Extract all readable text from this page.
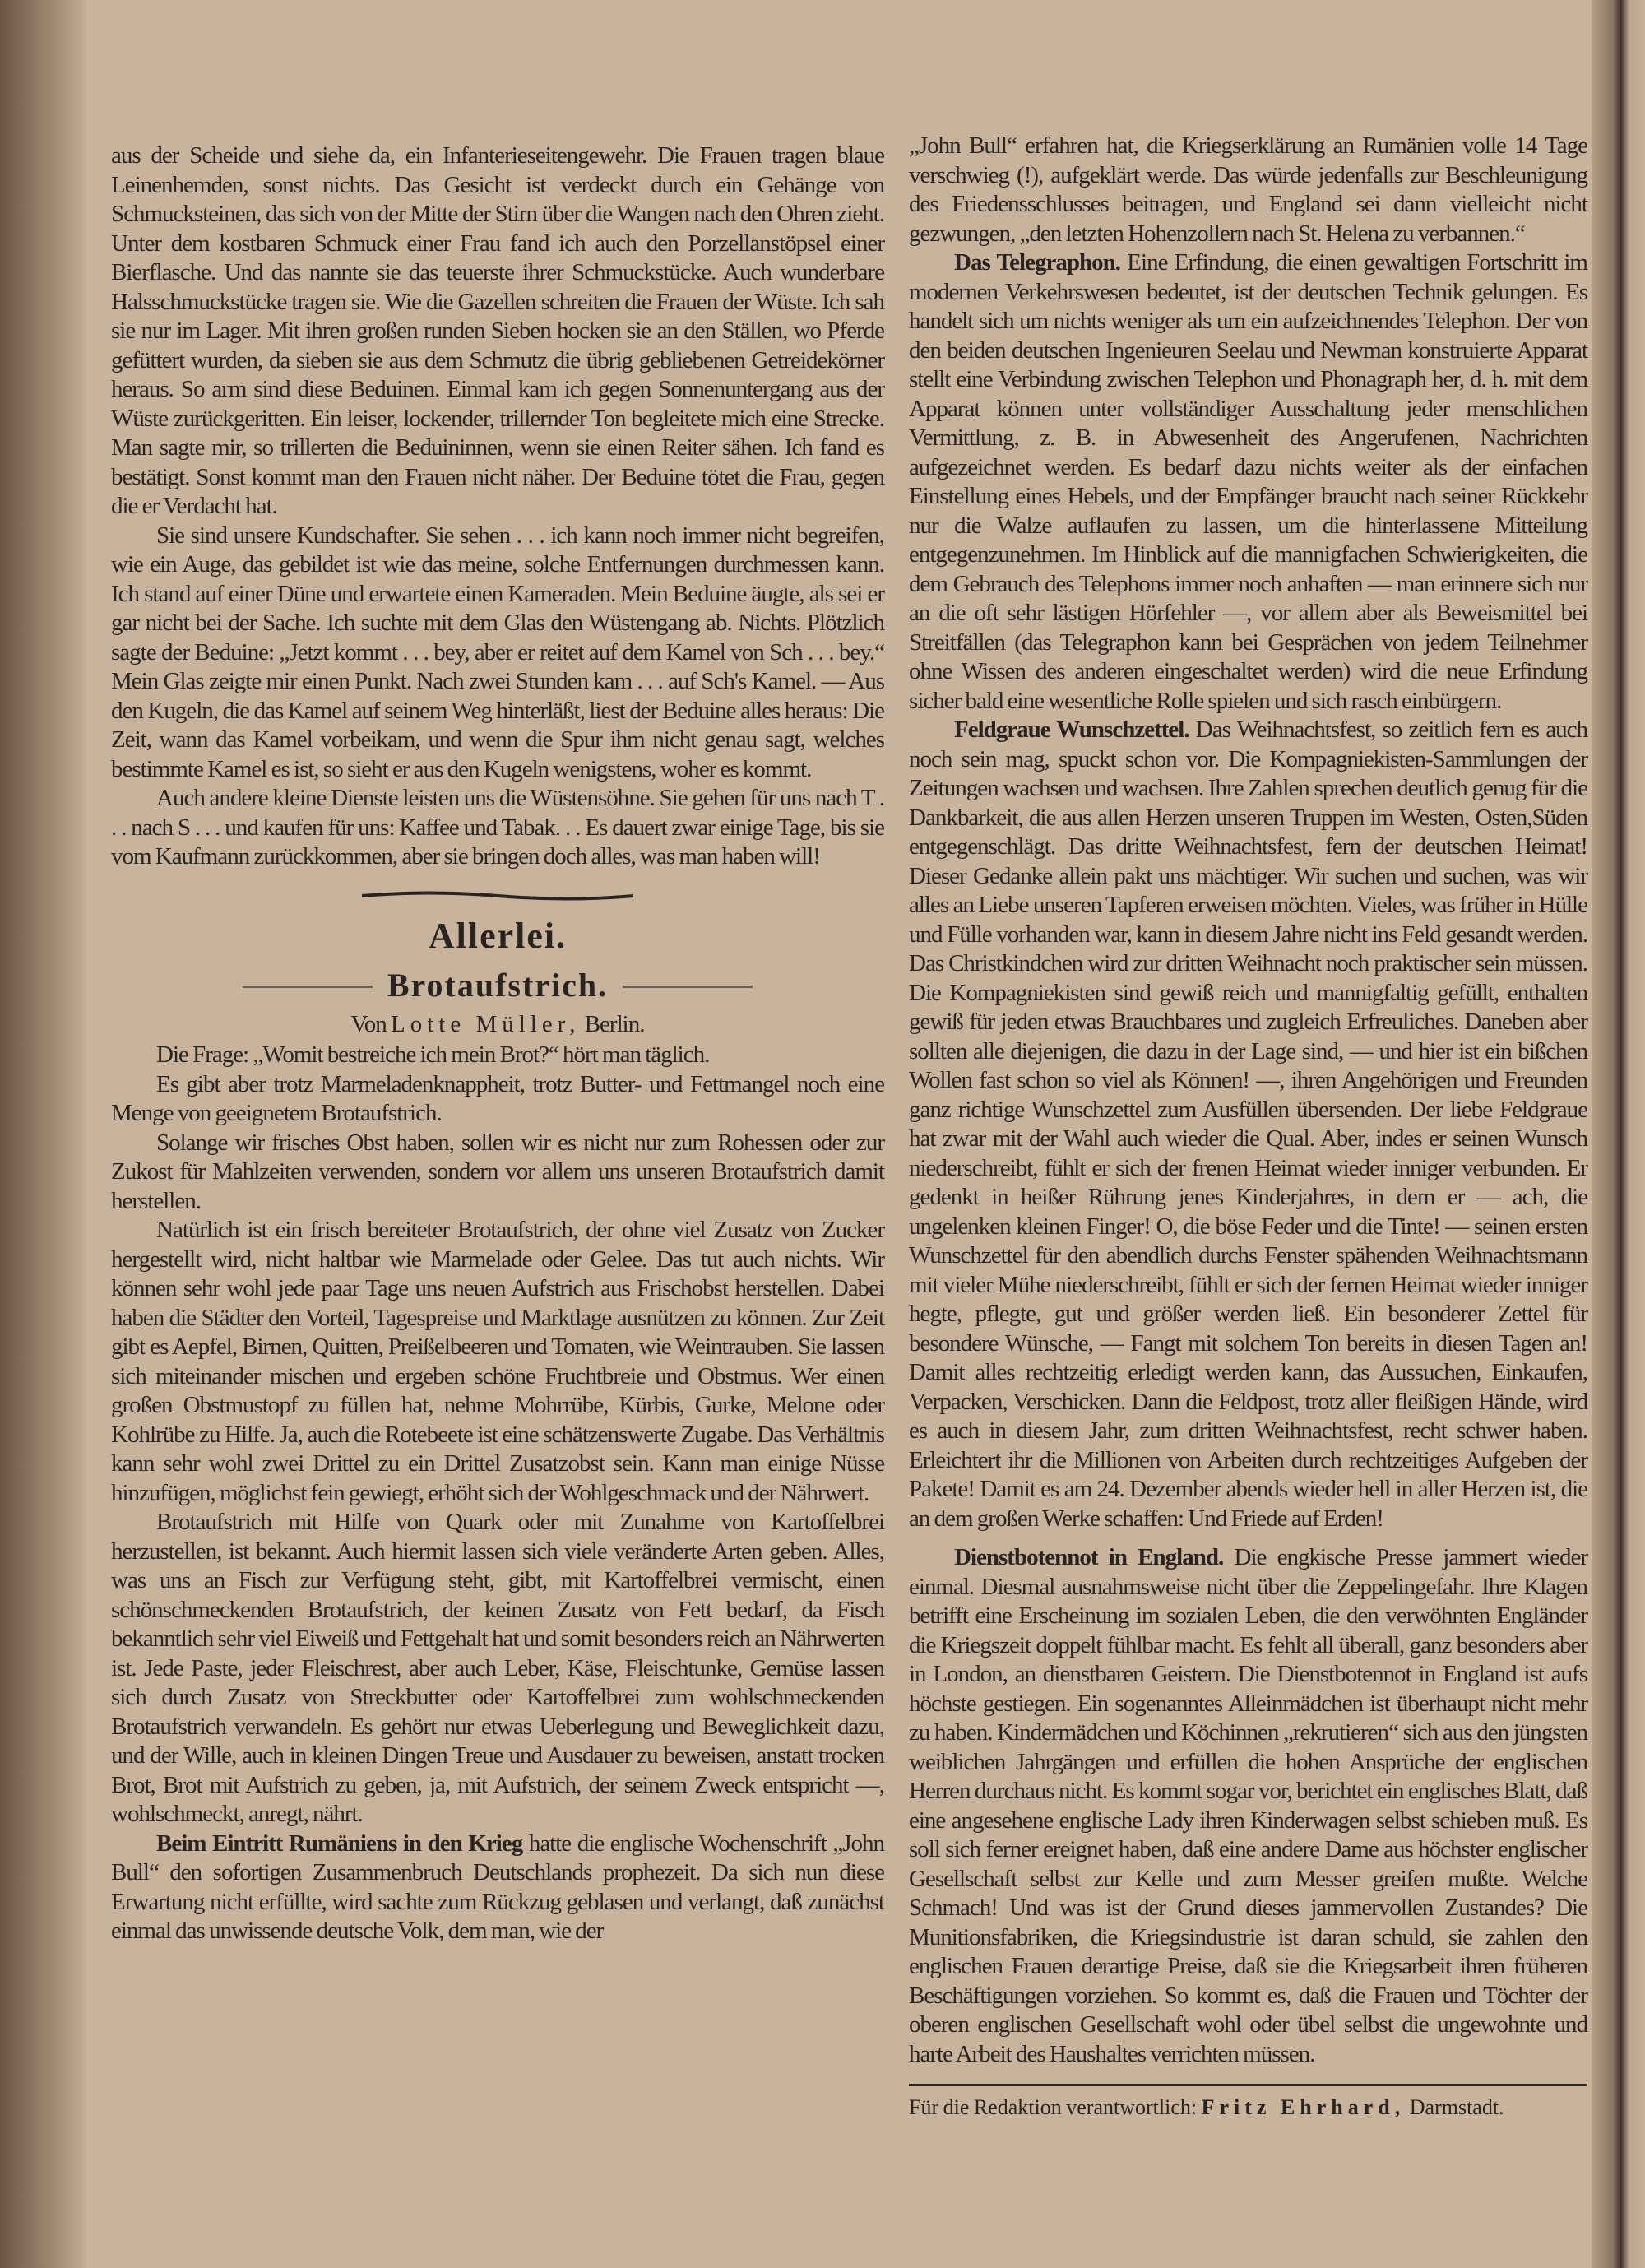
aus der Scheide und siehe da, ein Infanterieseitengewehr. Die Frauen tragen blaue Leinenhemden, sonst nichts. Das Gesicht ist verdeckt durch ein Gehänge von Schmucksteinen, das sich von der Mitte der Stirn über die Wangen nach den Ohren zieht. Unter dem kostbaren Schmuck einer Frau fand ich auch den Porzellanstöpsel einer Bierflasche. Und das nannte sie das teuerste ihrer Schmuckstücke. Auch wunderbare Halsschmuckstücke tragen sie. Wie die Gazellen schreiten die Frauen der Wüste. Ich sah sie nur im Lager. Mit ihren großen runden Sieben hocken sie an den Ställen, wo Pferde gefüttert wurden, da sieben sie aus dem Schmutz die übrig gebliebenen Getreidekörner heraus. So arm sind diese Beduinen. Einmal kam ich gegen Sonnenuntergang aus der Wüste zurückgeritten. Ein leiser, lockender, trillernder Ton begleitete mich eine Strecke. Man sagte mir, so trillerten die Beduininnen, wenn sie einen Reiter sähen. Ich fand es bestätigt. Sonst kommt man den Frauen nicht näher. Der Beduine tötet die Frau, gegen die er Verdacht hat.

Sie sind unsere Kundschafter. Sie sehen . . . ich kann noch immer nicht begreifen, wie ein Auge, das gebildet ist wie das meine, solche Entfernungen durchmessen kann. Ich stand auf einer Düne und erwartete einen Kameraden. Mein Beduine äugte, als sei er gar nicht bei der Sache. Ich suchte mit dem Glas den Wüstengang ab. Nichts. Plötzlich sagte der Beduine: „Jetzt kommt . . . bey, aber er reitet auf dem Kamel von Sch . . . bey.“ Mein Glas zeigte mir einen Punkt. Nach zwei Stunden kam . . . auf Sch's Kamel. — Aus den Kugeln, die das Kamel auf seinem Weg hinterläßt, liest der Beduine alles heraus: Die Zeit, wann das Kamel vorbeikam, und wenn die Spur ihm nicht genau sagt, welches bestimmte Kamel es ist, so sieht er aus den Kugeln wenigstens, woher es kommt.

Auch andere kleine Dienste leisten uns die Wüstensöhne. Sie gehen für uns nach T . . . nach S . . . und kaufen für uns: Kaffee und Tabak. . . Es dauert zwar einige Tage, bis sie vom Kaufmann zurückkommen, aber sie bringen doch alles, was man haben will!

Allerlei.
Brotaufstrich.
Von Lotte Müller, Berlin.

Die Frage: „Womit bestreiche ich mein Brot?“ hört man täglich.

Es gibt aber trotz Marmeladenknappheit, trotz Butter- und Fettmangel noch eine Menge von geeignetem Brotaufstrich.

Solange wir frisches Obst haben, sollen wir es nicht nur zum Rohessen oder zur Zukost für Mahlzeiten verwenden, sondern vor allem uns unseren Brotaufstrich damit herstellen.

Natürlich ist ein frisch bereiteter Brotaufstrich, der ohne viel Zusatz von Zucker hergestellt wird, nicht haltbar wie Marmelade oder Gelee. Das tut auch nichts. Wir können sehr wohl jede paar Tage uns neuen Aufstrich aus Frischobst herstellen. Dabei haben die Städter den Vorteil, Tagespreise und Marktlage ausnützen zu können. Zur Zeit gibt es Aepfel, Birnen, Quitten, Preißelbeeren und Tomaten, wie Weintrauben. Sie lassen sich miteinander mischen und ergeben schöne Fruchtbreie und Obstmus. Wer einen großen Obstmustopf zu füllen hat, nehme Mohrrübe, Kürbis, Gurke, Melone oder Kohlrübe zu Hilfe. Ja, auch die Rotebeete ist eine schätzenswerte Zugabe. Das Verhältnis kann sehr wohl zwei Drittel zu ein Drittel Zusatzobst sein. Kann man einige Nüsse hinzufügen, möglichst fein gewiegt, erhöht sich der Wohlgeschmack und der Nährwert.

Brotaufstrich mit Hilfe von Quark oder mit Zunahme von Kartoffelbrei herzustellen, ist bekannt. Auch hiermit lassen sich viele veränderte Arten geben. Alles, was uns an Fisch zur Verfügung steht, gibt, mit Kartoffelbrei vermischt, einen schönschmeckenden Brotaufstrich, der keinen Zusatz von Fett bedarf, da Fisch bekanntlich sehr viel Eiweiß und Fettgehalt hat und somit besonders reich an Nährwerten ist. Jede Paste, jeder Fleischrest, aber auch Leber, Käse, Fleischtunke, Gemüse lassen sich durch Zusatz von Streckbutter oder Kartoffelbrei zum wohlschmeckenden Brotaufstrich verwandeln. Es gehört nur etwas Ueberlegung und Beweglichkeit dazu, und der Wille, auch in kleinen Dingen Treue und Ausdauer zu beweisen, anstatt trocken Brot, Brot mit Aufstrich zu geben, ja, mit Aufstrich, der seinem Zweck entspricht —, wohlschmeckt, anregt, nährt.

Beim Eintritt Rumäniens in den Krieg hatte die englische Wochenschrift „John Bull“ den sofortigen Zusammenbruch Deutschlands prophezeit. Da sich nun diese Erwartung nicht erfüllte, wird sachte zum Rückzug geblasen und verlangt, daß zunächst einmal das unwissende deutsche Volk, dem man, wie der

„John Bull“ erfahren hat, die Kriegserklärung an Rumänien volle 14 Tage verschwieg (!), aufgeklärt werde. Das würde jedenfalls zur Beschleunigung des Friedensschlusses beitragen, und England sei dann vielleicht nicht gezwungen, „den letzten Hohenzollern nach St. Helena zu verbannen.“

Das Telegraphon. Eine Erfindung, die einen gewaltigen Fortschritt im modernen Verkehrswesen bedeutet, ist der deutschen Technik gelungen. Es handelt sich um nichts weniger als um ein aufzeichnendes Telephon. Der von den beiden deutschen Ingenieuren Seelau und Newman konstruierte Apparat stellt eine Verbindung zwischen Telephon und Phonagraph her, d. h. mit dem Apparat können unter vollständiger Ausschaltung jeder menschlichen Vermittlung, z. B. in Abwesenheit des Angerufenen, Nachrichten aufgezeichnet werden. Es bedarf dazu nichts weiter als der einfachen Einstellung eines Hebels, und der Empfänger braucht nach seiner Rückkehr nur die Walze auflaufen zu lassen, um die hinterlassene Mitteilung entgegenzunehmen. Im Hinblick auf die mannigfachen Schwierigkeiten, die dem Gebrauch des Telephons immer noch anhaften — man erinnere sich nur an die oft sehr lästigen Hörfehler —, vor allem aber als Beweismittel bei Streitfällen (das Telegraphon kann bei Gesprächen von jedem Teilnehmer ohne Wissen des anderen eingeschaltet werden) wird die neue Erfindung sicher bald eine wesentliche Rolle spielen und sich rasch einbürgern.

Feldgraue Wunschzettel. Das Weihnachtsfest, so zeitlich fern es auch noch sein mag, spuckt schon vor. Die Kompagniekisten-Sammlungen der Zeitungen wachsen und wachsen. Ihre Zahlen sprechen deutlich genug für die Dankbarkeit, die aus allen Herzen unseren Truppen im Westen, Osten,Süden entgegenschlägt. Das dritte Weihnachtsfest, fern der deutschen Heimat! Dieser Gedanke allein pakt uns mächtiger. Wir suchen und suchen, was wir alles an Liebe unseren Tapferen erweisen möchten. Vieles, was früher in Hülle und Fülle vorhanden war, kann in diesem Jahre nicht ins Feld gesandt werden. Das Christkindchen wird zur dritten Weihnacht noch praktischer sein müssen. Die Kompagniekisten sind gewiß reich und mannigfaltig gefüllt, enthalten gewiß für jeden etwas Brauchbares und zugleich Erfreuliches. Daneben aber sollten alle diejenigen, die dazu in der Lage sind, — und hier ist ein bißchen Wollen fast schon so viel als Können! —, ihren Angehörigen und Freunden ganz richtige Wunschzettel zum Ausfüllen übersenden. Der liebe Feldgraue hat zwar mit der Wahl auch wieder die Qual. Aber, indes er seinen Wunsch niederschreibt, fühlt er sich der frenen Heimat wieder inniger verbunden. Er gedenkt in heißer Rührung jenes Kinderjahres, in dem er — ach, die ungelenken kleinen Finger! O, die böse Feder und die Tinte! — seinen ersten Wunschzettel für den abendlich durchs Fenster spähenden Weihnachtsmann mit vieler Mühe niederschreibt, fühlt er sich der fernen Heimat wieder inniger hegte, pflegte, gut und größer werden ließ. Ein besonderer Zettel für besondere Wünsche, — Fangt mit solchem Ton bereits in diesen Tagen an! Damit alles rechtzeitig erledigt werden kann, das Aussuchen, Einkaufen, Verpacken, Verschicken. Dann die Feldpost, trotz aller fleißigen Hände, wird es auch in diesem Jahr, zum dritten Weihnachtsfest, recht schwer haben. Erleichtert ihr die Millionen von Arbeiten durch rechtzeitiges Aufgeben der Pakete! Damit es am 24. Dezember abends wieder hell in aller Herzen ist, die an dem großen Werke schaffen: Und Friede auf Erden!

Dienstbotennot in England. Die engkische Presse jammert wieder einmal. Diesmal ausnahmsweise nicht über die Zeppelingefahr. Ihre Klagen betrifft eine Erscheinung im sozialen Leben, die den verwöhnten Engländer die Kriegszeit doppelt fühlbar macht. Es fehlt all überall, ganz besonders aber in London, an dienstbaren Geistern. Die Dienstbotennot in England ist aufs höchste gestiegen. Ein sogenanntes Alleinmädchen ist überhaupt nicht mehr zu haben. Kindermädchen und Köchinnen „rekrutieren“ sich aus den jüngsten weiblichen Jahrgängen und erfüllen die hohen Ansprüche der englischen Herren durchaus nicht. Es kommt sogar vor, berichtet ein englisches Blatt, daß eine angesehene englische Lady ihren Kinderwagen selbst schieben muß. Es soll sich ferner ereignet haben, daß eine andere Dame aus höchster englischer Gesellschaft selbst zur Kelle und zum Messer greifen mußte. Welche Schmach! Und was ist der Grund dieses jammervollen Zustandes? Die Munitionsfabriken, die Kriegsindustrie ist daran schuld, sie zahlen den englischen Frauen derartige Preise, daß sie die Kriegsarbeit ihren früheren Beschäftigungen vorziehen. So kommt es, daß die Frauen und Töchter der oberen englischen Gesellschaft wohl oder übel selbst die ungewohnte und harte Arbeit des Haushaltes verrichten müssen.

Für die Redaktion verantwortlich: Fritz Ehrhard, Darmstadt.
